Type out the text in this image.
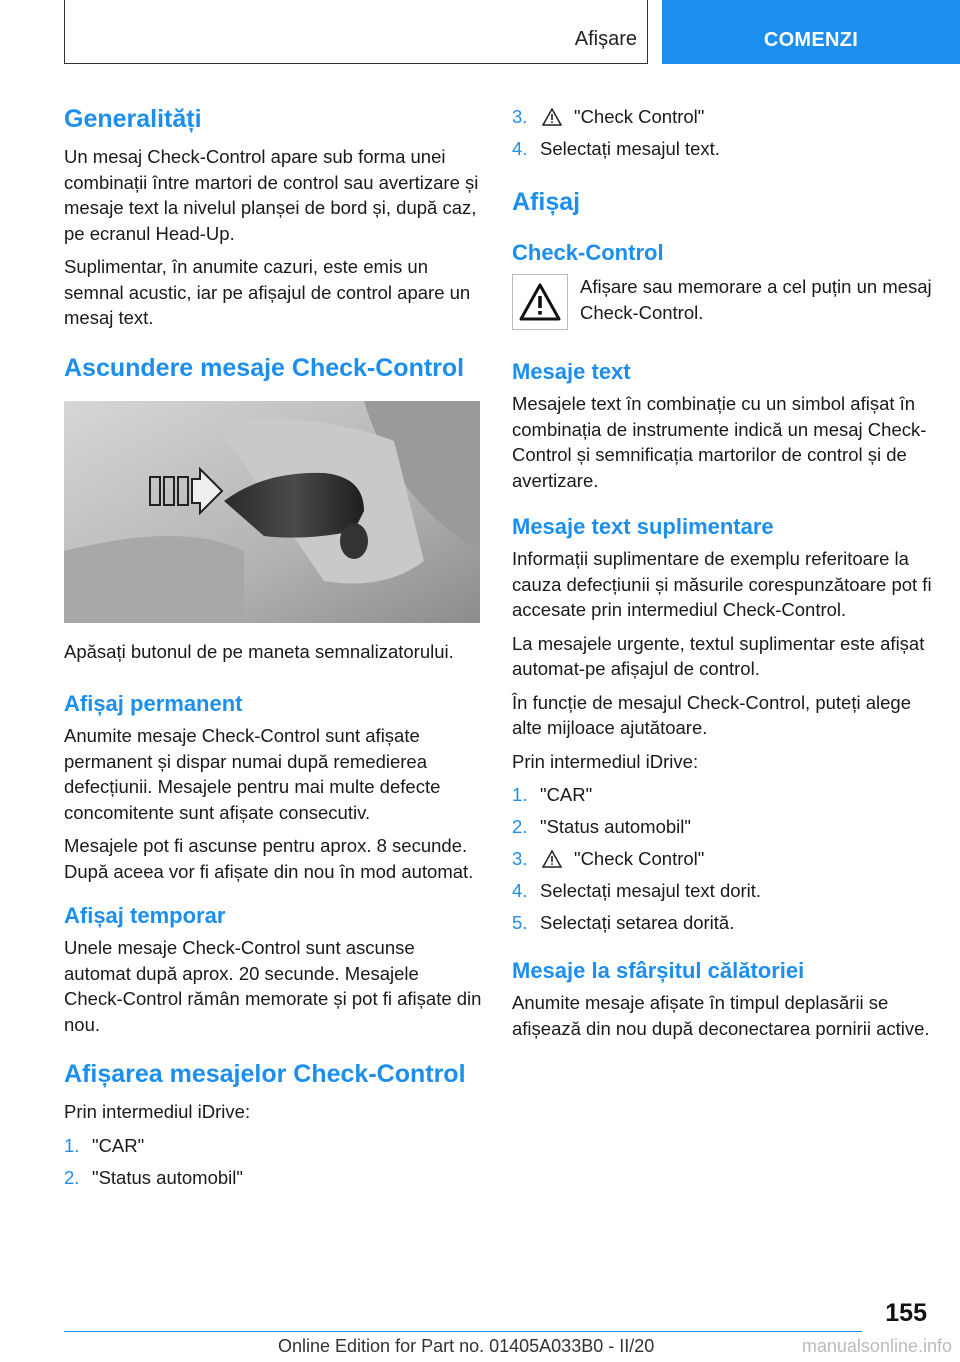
Afișare	COMENZI
Generalități

Un mesaj Check-Control apare sub forma unei combinații între martori de control sau avertizare și mesaje text la nivelul planșei de bord și, după caz, pe ecranul Head-Up.

Suplimentar, în anumite cazuri, este emis un semnal acustic, iar pe afișajul de control apare un mesaj text.

Ascundere mesaje Check-Control

Apăsați butonul de pe maneta semnalizatorului.

Afișaj permanent

Anumite mesaje Check-Control sunt afișate permanent și dispar numai după remedierea defecțiunii. Mesajele pentru mai multe defecte concomitente sunt afișate consecutiv.

Mesajele pot fi ascunse pentru aprox. 8 secunde. După aceea vor fi afișate din nou în mod automat.

Afișaj temporar

Unele mesaje Check-Control sunt ascunse automat după aprox. 20 secunde. Mesajele Check-Control rămân memorate și pot fi afișate din nou.

Afișarea mesajelor Check-Control

Prin intermediul iDrive:

1. "CAR"
2. "Status automobil"
3.	"Check Control"
4. Selectați mesajul text.
Afișaj
Check-Control

Afișare sau memorare a cel puțin un mesaj Check-Control.

Mesaje text

Mesajele text în combinație cu un simbol afișat în combinația de instrumente indică un mesaj Check-Control și semnificația martorilor de control și de avertizare.

Mesaje text suplimentare

Informații suplimentare de exemplu referitoare la cauza defecțiunii și măsurile corespunzătoare pot fi accesate prin intermediul Check-Control.

La mesajele urgente, textul suplimentar este afișat automat-pe afișajul de control.

În funcție de mesajul Check-Control, puteți alege alte mijloace ajutătoare.

Prin intermediul iDrive:

1. "CAR"
2. "Status automobil"
3.	"Check Control"
4. Selectați mesajul text dorit.
5. Selectați setarea dorită.
Mesaje la sfârșitul călătoriei

Anumite mesaje afișate în timpul deplasării se afișează din nou după deconectarea pornirii active.

155
Online Edition for Part no. 01405A033B0 - II/20	manualsonline.info
